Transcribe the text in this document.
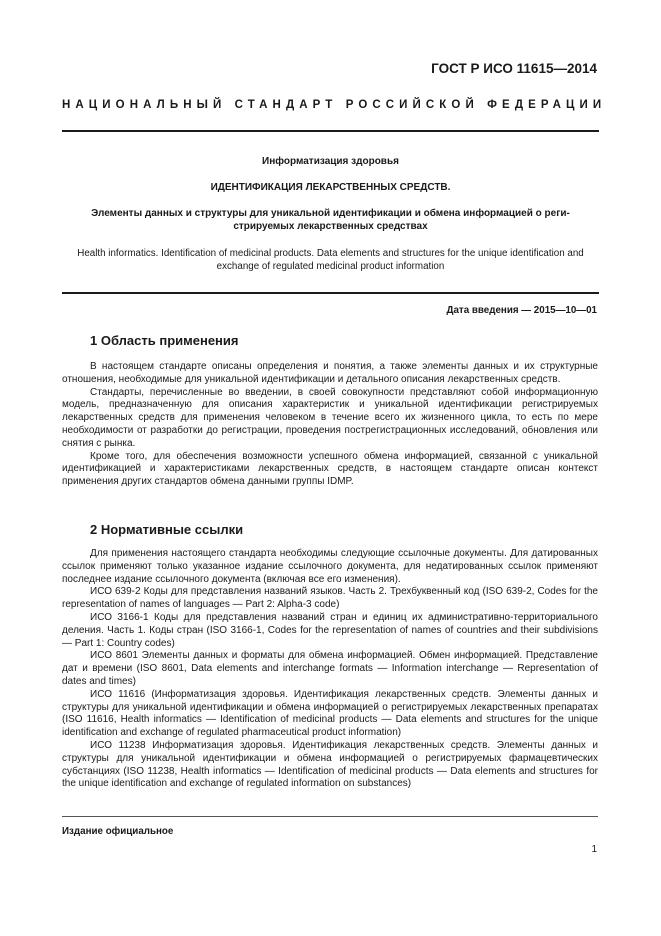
ГОСТ Р ИСО 11615—2014
НАЦИОНАЛЬНЫЙ СТАНДАРТ РОССИЙСКОЙ ФЕДЕРАЦИИ
Информатизация здоровья
ИДЕНТИФИКАЦИЯ ЛЕКАРСТВЕННЫХ СРЕДСТВ.
Элементы данных и структуры для уникальной идентификации и обмена информацией о реги-
стрируемых лекарственных средствах
Health informatics. Identification of medicinal products. Data elements and structures for the unique identification and
exchange of regulated medicinal product information
Дата введения — 2015—10—01
1 Область применения

В настоящем стандарте описаны определения и понятия, а также элементы данных и их структурные отношения, необходимые для уникальной идентификации и детального описания лекарственных средств.

Стандарты, перечисленные во введении, в своей совокупности представляют собой информационную модель, предназначенную для описания характеристик и уникальной идентификации регистрируемых лекарственных средств для применения человеком в течение всего их жизненного цикла, то есть по мере необходимости от разработки до регистрации, проведения пострегистрационных исследований, обновления или снятия с рынка.

Кроме того, для обеспечения возможности успешного обмена информацией, связанной с уникальной идентификацией и характеристиками лекарственных средств, в настоящем стандарте описан контекст применения других стандартов обмена данными группы IDMP.

2 Нормативные ссылки

Для применения настоящего стандарта необходимы следующие ссылочные документы. Для датированных ссылок применяют только указанное издание ссылочного документа, для недатированных ссылок применяют последнее издание ссылочного документа (включая все его изменения).

ИСО 639-2 Коды для представления названий языков. Часть 2. Трехбуквенный код (ISO 639-2, Codes for the representation of names of languages — Part 2: Alpha-3 code)

ИСО 3166-1 Коды для представления названий стран и единиц их административно-территориального деления. Часть 1. Коды стран (ISO 3166-1, Codes for the representation of names of countries and their subdivisions — Part 1: Country codes)

ИСО 8601 Элементы данных и форматы для обмена информацией. Обмен информацией. Представление дат и времени (ISO 8601, Data elements and interchange formats — Information interchange — Representation of dates and times)

ИСО 11616 (Информатизация здоровья. Идентификация лекарственных средств. Элементы данных и структуры для уникальной идентификации и обмена информацией о регистрируемых лекарственных препаратах (ISO 11616, Health informatics — Identification of medicinal products — Data elements and structures for the unique identification and exchange of regulated pharmaceutical product information)

ИСО 11238 Информатизация здоровья. Идентификация лекарственных средств. Элементы данных и структуры для уникальной идентификации и обмена информацией о регистрируемых фармацевтических субстанциях (ISO 11238, Health informatics — Identification of medicinal products — Data elements and structures for the unique identification and exchange of regulated information on substances)

Издание официальное
1
